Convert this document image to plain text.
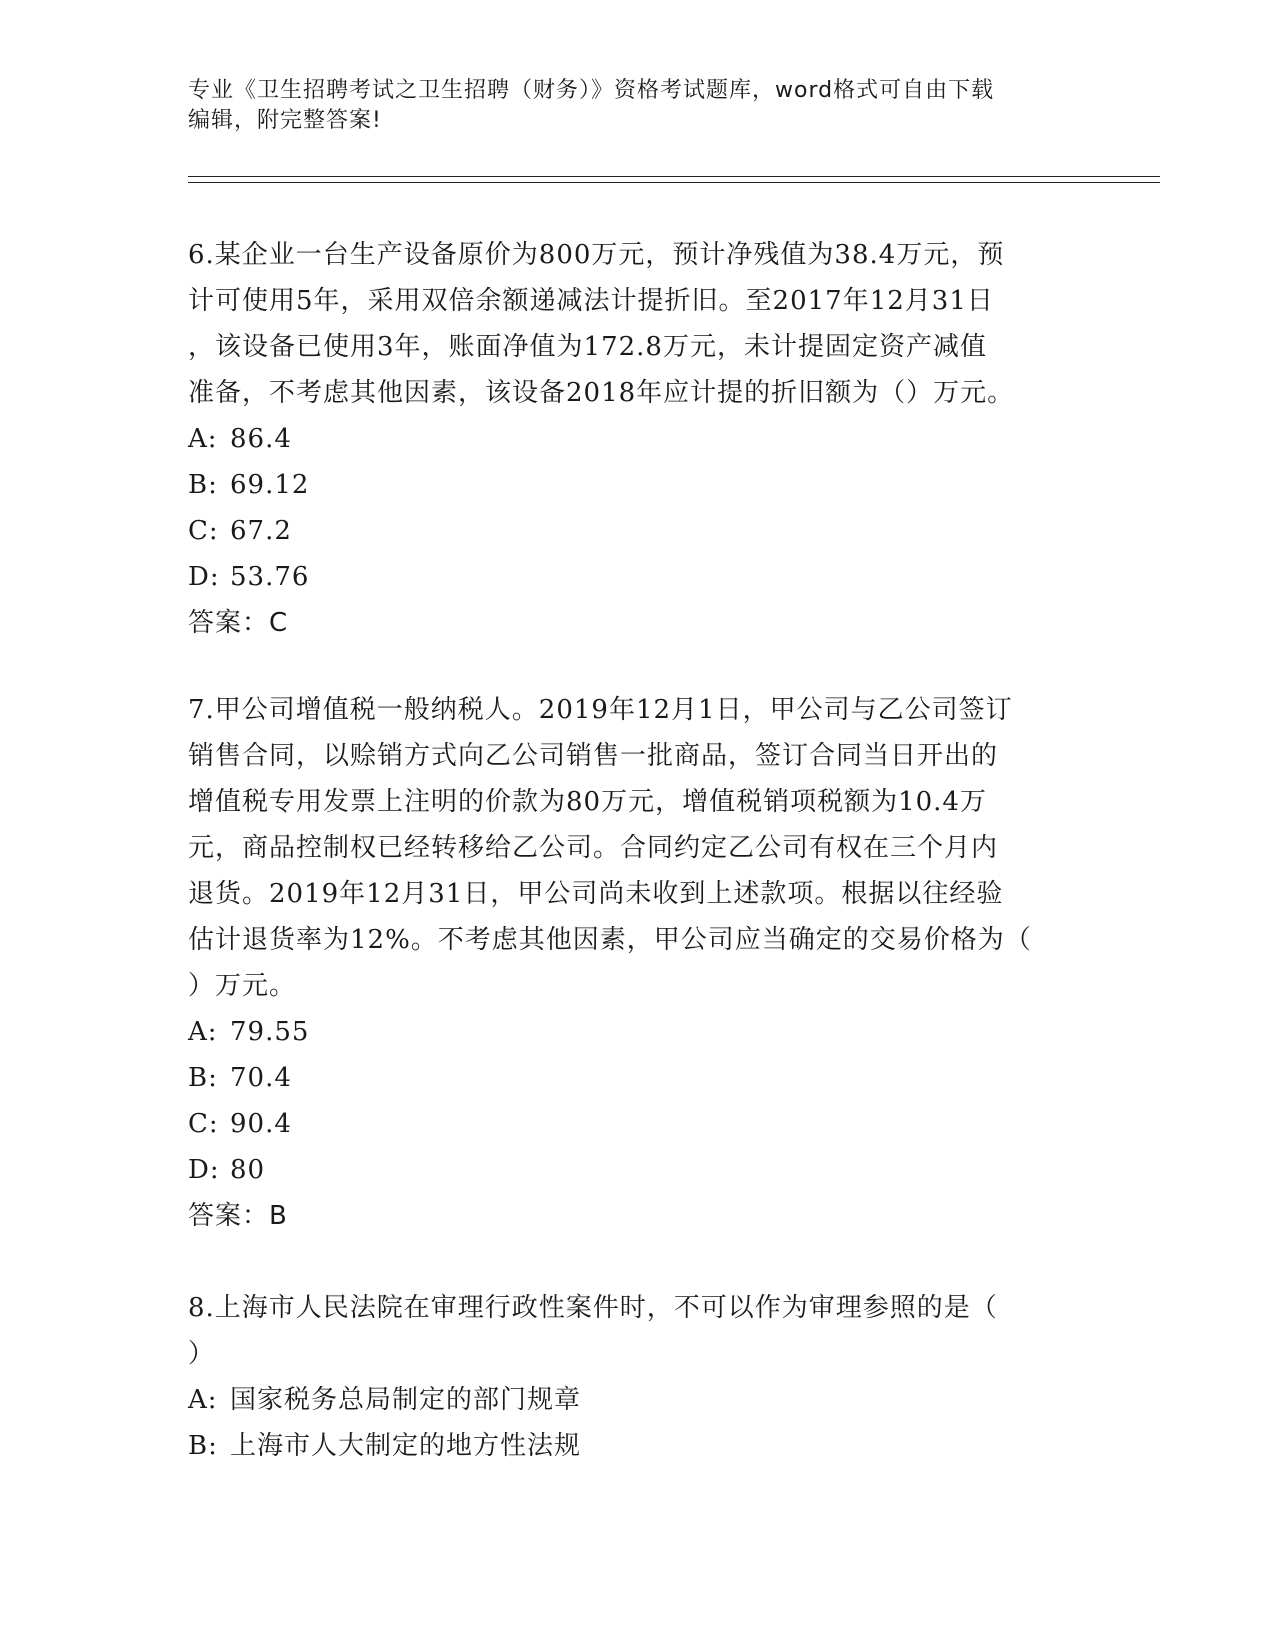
专业《卫生招聘考试之卫生招聘（财务）》资格考试题库，word格式可自由下载
编辑，附完整答案!
6.某企业一台生产设备原价为800万元，预计净残值为38.4万元，预
计可使用5年，采用双倍余额递减法计提折旧。至2017年12月31日
，该设备已使用3年，账面净值为172.8万元，未计提固定资产减值
准备，不考虑其他因素，该设备2018年应计提的折旧额为（）万元。
A: 86.4
B: 69.12
C: 67.2
D: 53.76
答案：C
7.甲公司增值税一般纳税人。2019年12月1日，甲公司与乙公司签订
销售合同，以赊销方式向乙公司销售一批商品，签订合同当日开出的
增值税专用发票上注明的价款为80万元，增值税销项税额为10.4万
元，商品控制权已经转移给乙公司。合同约定乙公司有权在三个月内
退货。2019年12月31日，甲公司尚未收到上述款项。根据以往经验
估计退货率为12%。不考虑其他因素，甲公司应当确定的交易价格为（
）万元。
A: 79.55
B: 70.4
C: 90.4
D: 80
答案：B
8.上海市人民法院在审理行政性案件时，不可以作为审理参照的是（
）
A: 国家税务总局制定的部门规章
B: 上海市人大制定的地方性法规
